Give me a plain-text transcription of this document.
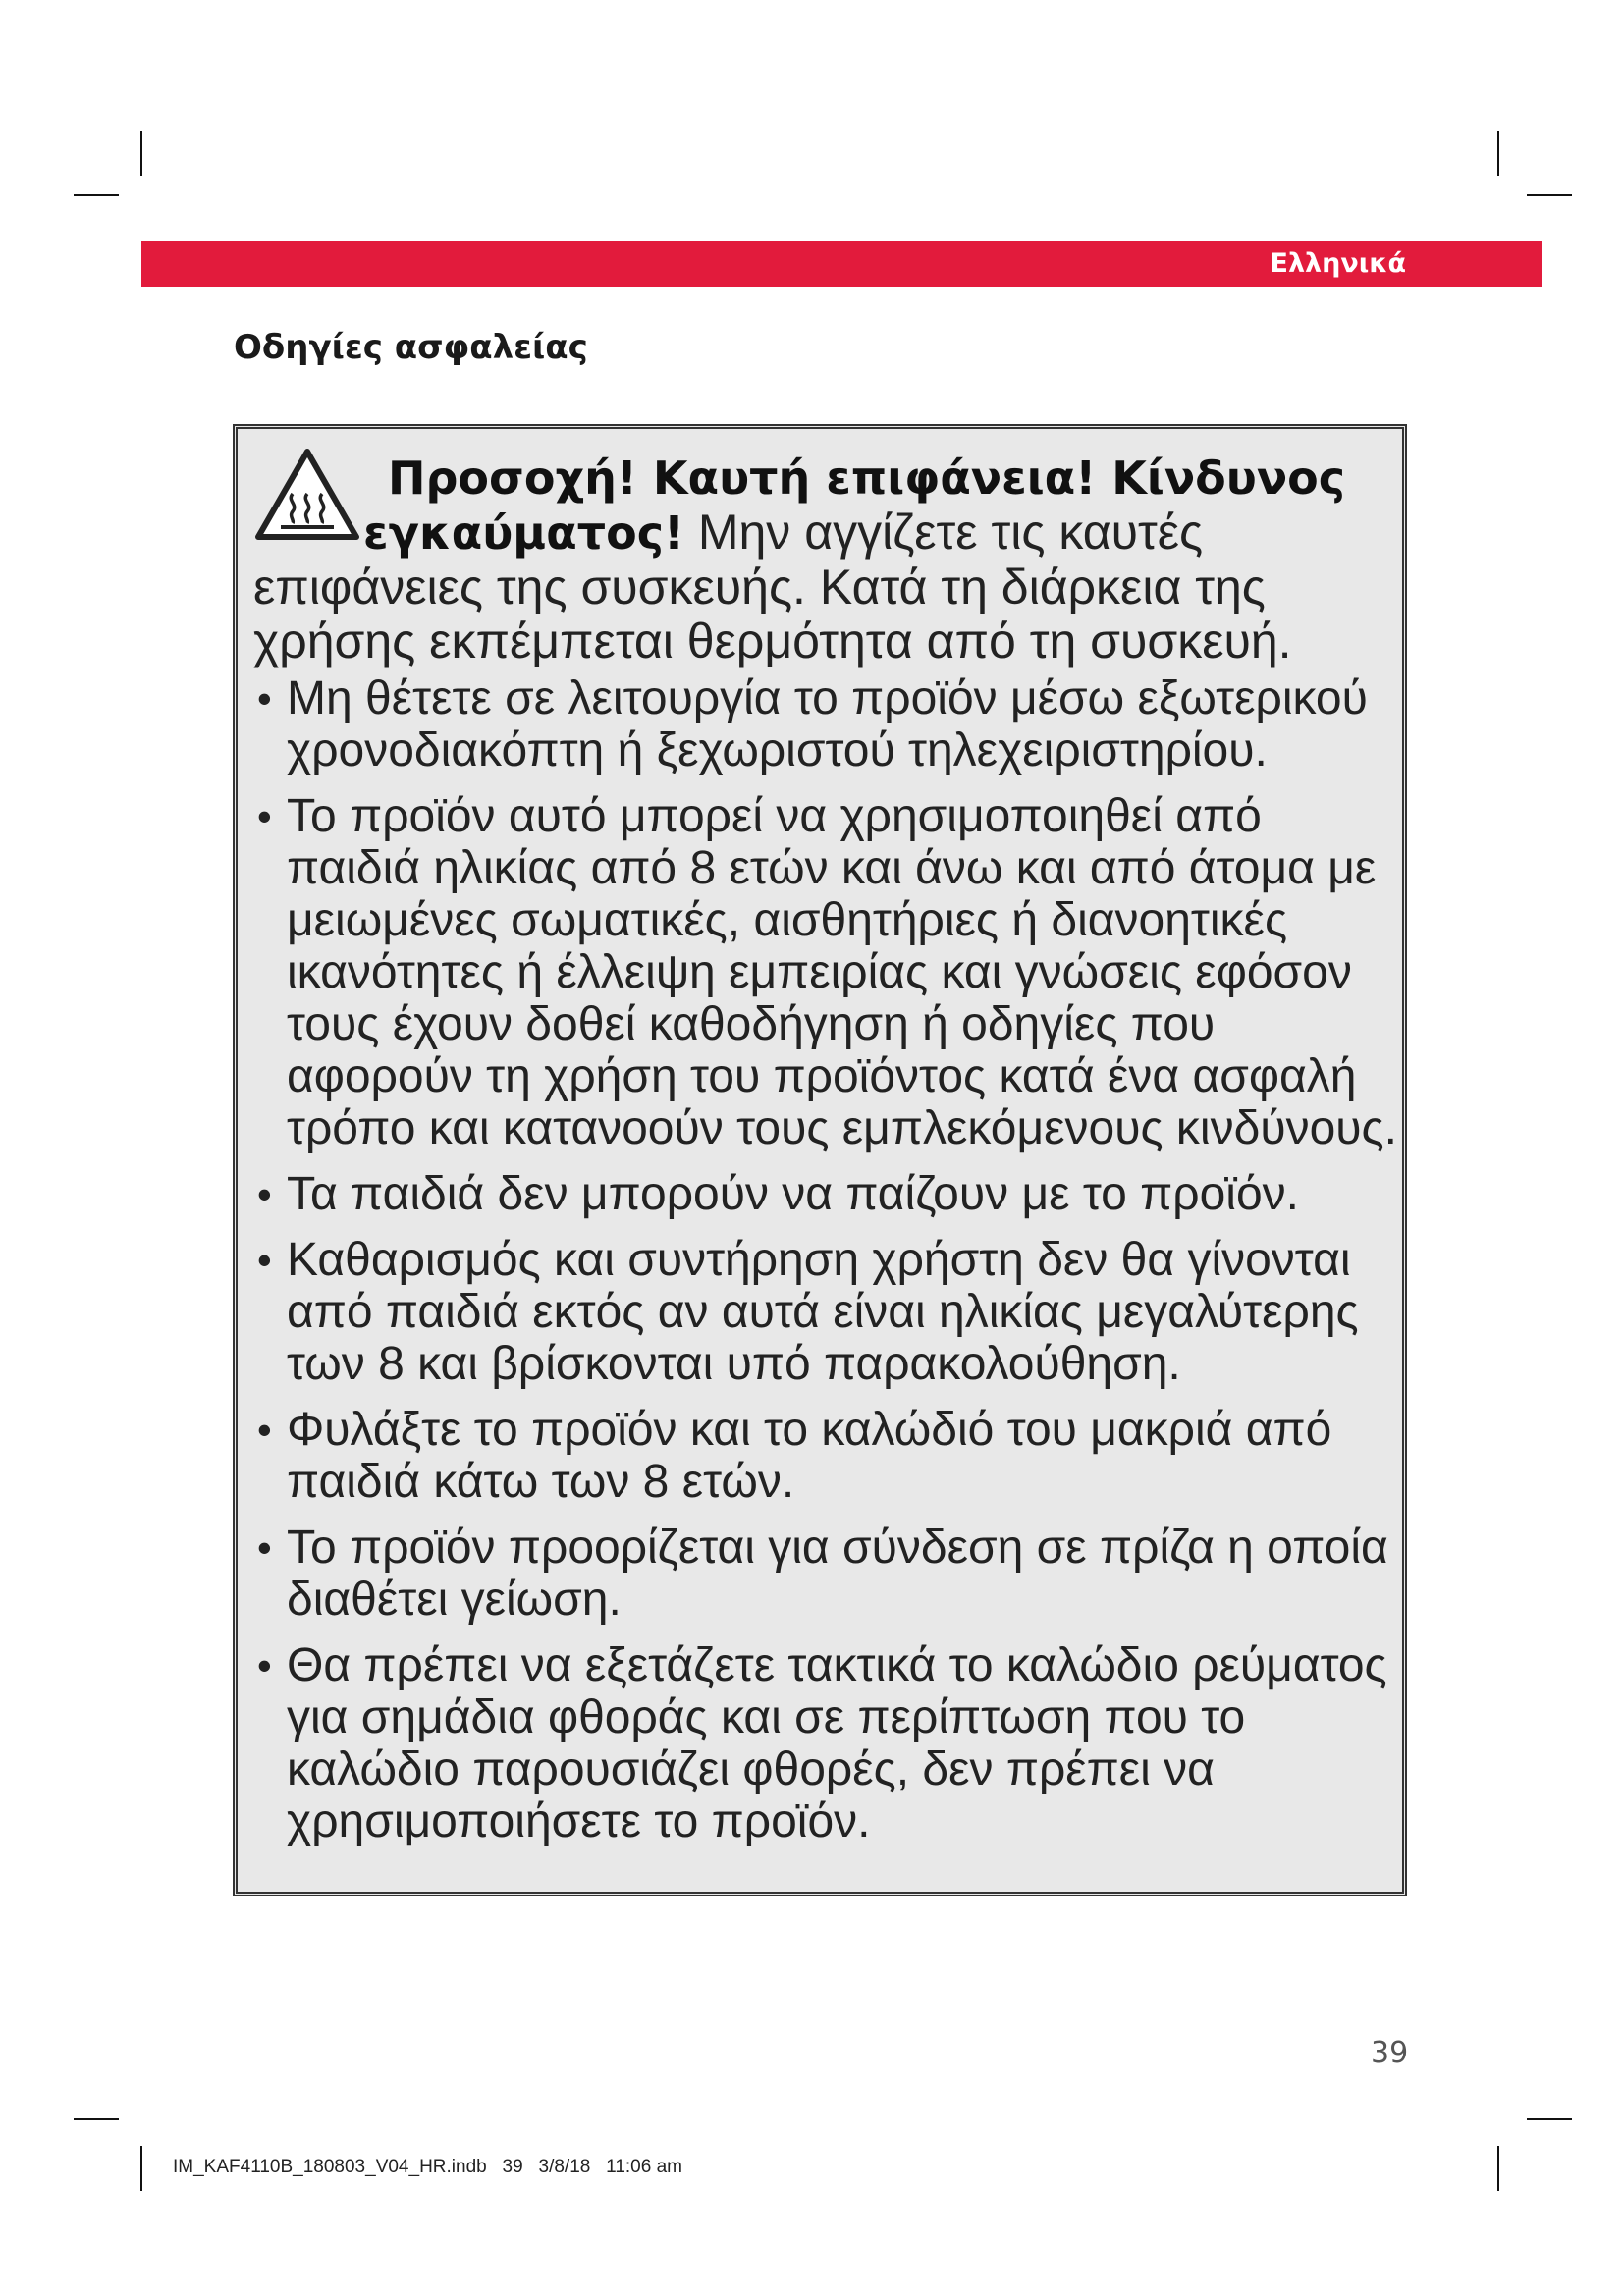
Ελληνικά
Οδηγίες ασφαλείας
Προσοχή! Καυτή επιφάνεια! Κίνδυνος
εγκαύματος! Μην αγγίζετε τις καυτές
επιφάνειες της συσκευής. Κατά τη διάρκεια της
χρήσης εκπέμπεται θερμότητα από τη συσκευή.
• Μη θέτετε σε λειτουργία το προϊόν μέσω εξωτερικού χρονοδιακόπτη ή ξεχωριστού τηλεχειριστηρίου.
• Το προϊόν αυτό μπορεί να χρησιμοποιηθεί από παιδιά ηλικίας από 8 ετών και άνω και από άτομα με μειωμένες σωματικές, αισθητήριες ή διανοητικές ικανότητες ή έλλειψη εμπειρίας και γνώσεις εφόσον τους έχουν δοθεί καθοδήγηση ή οδηγίες που αφορούν τη χρήση του προϊόντος κατά ένα ασφαλή τρόπο και κατανοούν τους εμπλεκόμενους κινδύνους.
• Τα παιδιά δεν μπορούν να παίζουν με το προϊόν.
• Καθαρισμός και συντήρηση χρήστη δεν θα γίνονται από παιδιά εκτός αν αυτά είναι ηλικίας μεγαλύτερης των 8 και βρίσκονται υπό παρακολούθηση.
• Φυλάξτε το προϊόν και το καλώδιό του μακριά από παιδιά κάτω των 8 ετών.
• Το προϊόν προορίζεται για σύνδεση σε πρίζα η οποία διαθέτει γείωση.
• Θα πρέπει να εξετάζετε τακτικά το καλώδιο ρεύματος για σημάδια φθοράς και σε περίπτωση που το καλώδιο παρουσιάζει φθορές, δεν πρέπει να χρησιμοποιήσετε το προϊόν.
39
IM_KAF4110B_180803_V04_HR.indb   39   3/8/18   11:06 am
